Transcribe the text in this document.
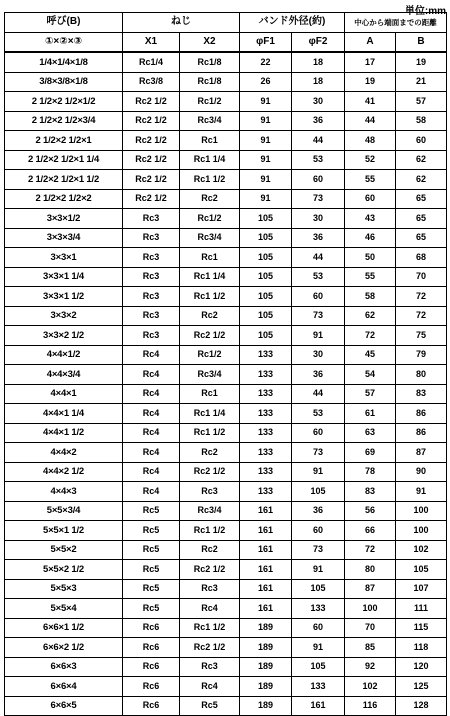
単位:mm
呼び(B)	ねじ		バンド外径(約)		中心から端面までの距離	
①×②×③	X1	X2	φF1	φF2	A	B
1/4×1/4×1/8	Rc1/4	Rc1/8	22	18	17	19
3/8×3/8×1/8	Rc3/8	Rc1/8	26	18	19	21
2 1/2×2 1/2×1/2	Rc2 1/2	Rc1/2	91	30	41	57
2 1/2×2 1/2×3/4	Rc2 1/2	Rc3/4	91	36	44	58
2 1/2×2 1/2×1	Rc2 1/2	Rc1	91	44	48	60
2 1/2×2 1/2×1 1/4	Rc2 1/2	Rc1 1/4	91	53	52	62
2 1/2×2 1/2×1 1/2	Rc2 1/2	Rc1 1/2	91	60	55	62
2 1/2×2 1/2×2	Rc2 1/2	Rc2	91	73	60	65
3×3×1/2	Rc3	Rc1/2	105	30	43	65
3×3×3/4	Rc3	Rc3/4	105	36	46	65
3×3×1	Rc3	Rc1	105	44	50	68
3×3×1 1/4	Rc3	Rc1 1/4	105	53	55	70
3×3×1 1/2	Rc3	Rc1 1/2	105	60	58	72
3×3×2	Rc3	Rc2	105	73	62	72
3×3×2 1/2	Rc3	Rc2 1/2	105	91	72	75
4×4×1/2	Rc4	Rc1/2	133	30	45	79
4×4×3/4	Rc4	Rc3/4	133	36	54	80
4×4×1	Rc4	Rc1	133	44	57	83
4×4×1 1/4	Rc4	Rc1 1/4	133	53	61	86
4×4×1 1/2	Rc4	Rc1 1/2	133	60	63	86
4×4×2	Rc4	Rc2	133	73	69	87
4×4×2 1/2	Rc4	Rc2 1/2	133	91	78	90
4×4×3	Rc4	Rc3	133	105	83	91
5×5×3/4	Rc5	Rc3/4	161	36	56	100
5×5×1 1/2	Rc5	Rc1 1/2	161	60	66	100
5×5×2	Rc5	Rc2	161	73	72	102
5×5×2 1/2	Rc5	Rc2 1/2	161	91	80	105
5×5×3	Rc5	Rc3	161	105	87	107
5×5×4	Rc5	Rc4	161	133	100	111
6×6×1 1/2	Rc6	Rc1 1/2	189	60	70	115
6×6×2 1/2	Rc6	Rc2 1/2	189	91	85	118
6×6×3	Rc6	Rc3	189	105	92	120
6×6×4	Rc6	Rc4	189	133	102	125
6×6×5	Rc6	Rc5	189	161	116	128
